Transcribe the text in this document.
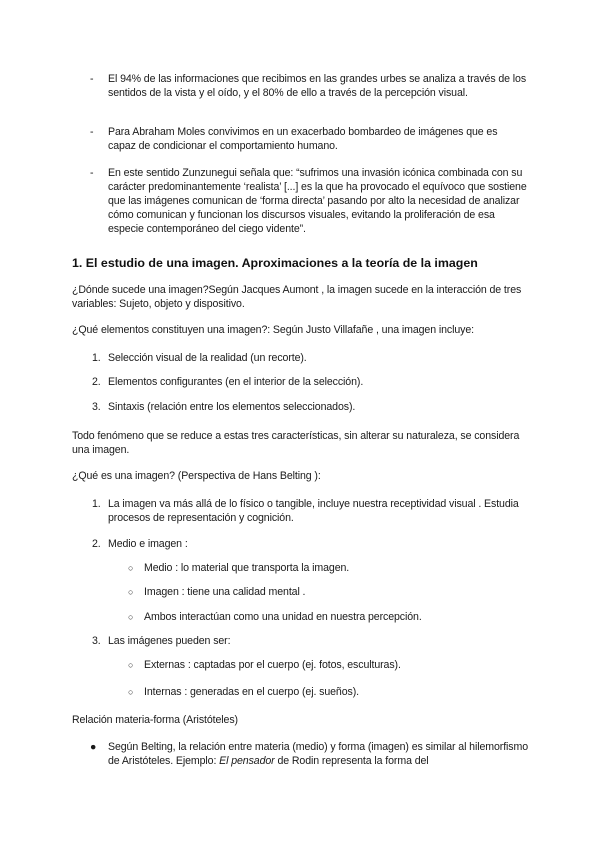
- El 94% de las informaciones que recibimos en las grandes urbes se analiza a través de los sentidos de la vista y el oído, y el 80% de ello a través de la percepción visual.
- Para Abraham Moles convivimos en un exacerbado bombardeo de imágenes que es capaz de condicionar el comportamiento humano.
- En este sentido Zunzunegui señala que: “sufrimos una invasión icónica combinada con su carácter predominantemente ‘realista’ [...] es la que ha provocado el equívoco que sostiene que las imágenes comunican de ‘forma directa’ pasando por alto la necesidad de analizar cómo comunican y funcionan los discursos visuales, evitando la proliferación de esa especie contemporáneo del ciego vidente”.
1. El estudio de una imagen. Aproximaciones a la teoría de la imagen
¿Dónde sucede una imagen?Según Jacques Aumont , la imagen sucede en la interacción de tres variables: Sujeto, objeto y dispositivo.
¿Qué elementos constituyen una imagen?: Según Justo Villafañe , una imagen incluye:
1. Selección visual de la realidad (un recorte).
2. Elementos configurantes (en el interior de la selección).
3. Sintaxis (relación entre los elementos seleccionados).
Todo fenómeno que se reduce a estas tres características, sin alterar su naturaleza, se considera una imagen.
¿Qué es una imagen? (Perspectiva de Hans Belting ):
1. La imagen va más allá de lo físico o tangible, incluye nuestra receptividad visual . Estudia procesos de representación y cognición.
2. Medio e imagen :
○ Medio : lo material que transporta la imagen.
○ Imagen : tiene una calidad mental .
○ Ambos interactúan como una unidad en nuestra percepción.
3. Las imágenes pueden ser:
○ Externas : captadas por el cuerpo (ej. fotos, esculturas).
○ Internas : generadas en el cuerpo (ej. sueños).
Relación materia-forma (Aristóteles)
● Según Belting, la relación entre materia (medio) y forma (imagen) es similar al hilemorfismo de Aristóteles. Ejemplo: El pensador de Rodin representa la forma del
